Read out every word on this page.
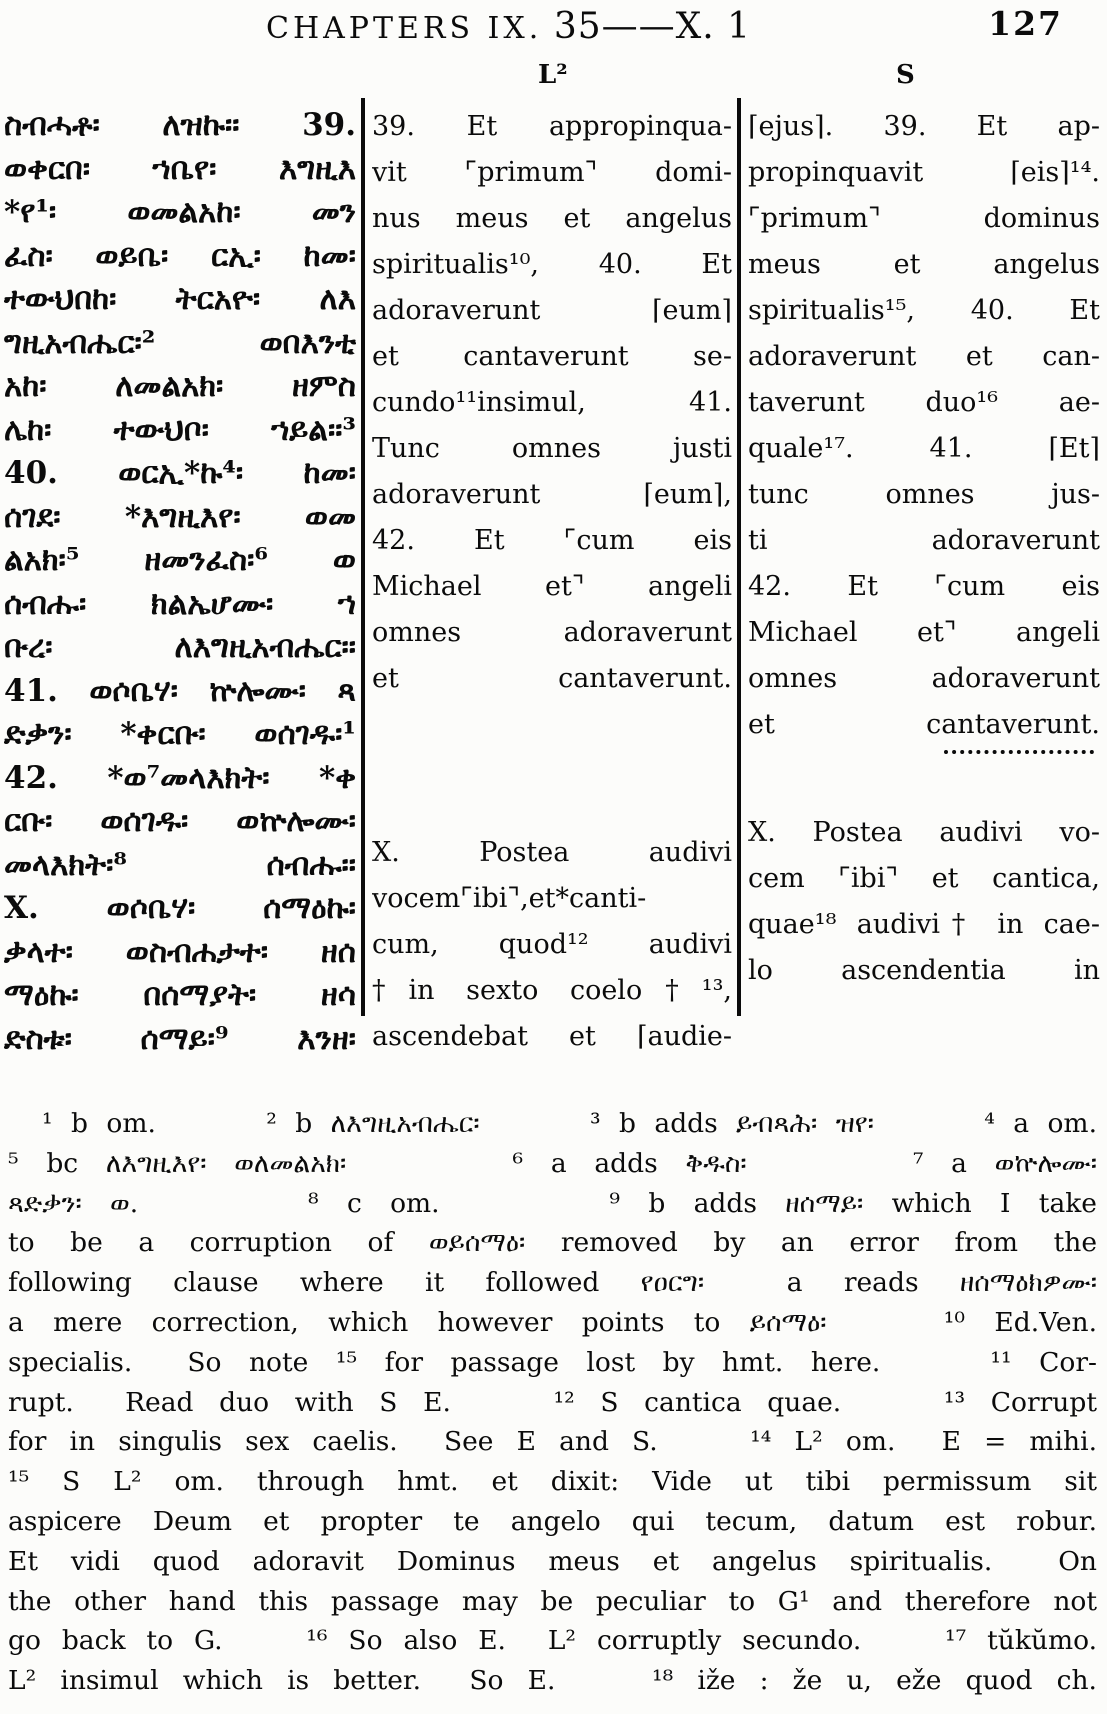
CHAPTERS IX. 35——X. 1	127
L²	S
ስብሓቶ፡ ለዝኩ። 39.
ወቀርበ፡ ኀቤየ፡ እግዚእ
*የ¹፡ ወመልአከ፡ መን
ፈስ፡ ወይቤ፡ ርኢ፡ ከመ፡
ተውህበከ፡ ትርአዮ፡ ለእ
ግዚአብሔር፡² ወበእንቲ
አከ፡ ለመልአክ፡ ዘምስ
ሌከ፡ ተውህቦ፡ ኀይል።³
40. ወርኢ*ኩ⁴፡ ከመ፡
ሰገደ፡ *እግዚእየ፡ ወመ
ልአክ፡⁵ ዘመንፈስ፡⁶ ወ
ሰብሑ፡ ክልኤሆሙ፡ ኀ
ቡረ፡ ለእግዚአብሔር።
41. ወሶቤሃ፡ ኵሎሙ፡ ጻ
ድቃን፡ *ቀርቡ፡ ወሰገዱ፡¹
42. *ወ⁷መላእክት፡ *ቀ
ርቡ፡ ወሰገዱ፡ ወኵሎሙ፡
መላእክት፡⁸ ሰብሑ።
X. ወሶቤሃ፡ ሰማዕኩ፡
ቃላተ፡ ወስብሐታተ፡ ዘሰ
ማዕኩ፡ በሰማያት፡ ዘሳ
ድስቱ፡ ሰማይ፡⁹ እንዘ፡
39. Et appropinqua-
vit ⌜primum⌝ domi-
nus meus et angelus
spiritualis¹⁰, 40. Et
adoraverunt ⌈eum⌉
et cantaverunt se-
cundo¹¹insimul, 41.
Tunc omnes justi
adoraverunt ⌈eum⌉,
42. Et ⌜cum eis
Michael et⌝ angeli
omnes adoraverunt
et cantaverunt.
X. Postea audivi
vocem⌜ibi⌝,et*canti-
cum, quod¹² audivi
†in sexto coelo†¹³,
ascendebat et ⌈audie-
⌈ejus⌉. 39. Et ap-
propinquavit ⌈eis⌉¹⁴.
⌜primum⌝ dominus
meus et angelus
spiritualis¹⁵, 40. Et
adoraverunt et can-
taverunt duo¹⁶ ae-
quale¹⁷. 41. ⌈Et⌉
tunc omnes jus-
ti adoraverunt
42. Et ⌜cum eis
Michael et⌝ angeli
omnes adoraverunt
et cantaverunt.
X. Postea audivi vo-
cem ⌜ibi⌝ et cantica,
quae¹⁸ audivi† in cae-
lo ascendentia in
¹ b om.      ² b ለእግዚአብሔር፡      ³ b adds ይብጻሕ፡ ዝየ፡      ⁴ a om.
⁵ bc ለእግዚእየ፡ ወለመልአክ፡      ⁶ a adds ቅዱስ፡      ⁷ a ወኵሎሙ፡
ጻድቃን፡ ወ.      ⁸ c om.      ⁹ b adds ዘሰማይ፡ which I take
to be a corruption of ወይሰማዕ፡ removed by an error from the
following clause where it followed የዐርግ፡  a reads ዘሰማዕክዎሙ፡
a mere correction, which however points to ይሰማዕ፡    ¹⁰ Ed.Ven.
specialis.  So note ¹⁵ for passage lost by hmt. here.    ¹¹ Cor-
rupt.  Read duo with S E.    ¹² S cantica quae.    ¹³ Corrupt
for in singulis sex caelis.  See E and S.    ¹⁴ L² om.  E = mihi.
¹⁵ S L² om. through hmt. et dixit: Vide ut tibi permissum sit
aspicere Deum et propter te angelo qui tecum, datum est robur.
Et vidi quod adoravit Dominus meus et angelus spiritualis.  On
the other hand this passage may be peculiar to G¹ and therefore not
go back to G.    ¹⁶ So also E.  L² corruptly secundo.    ¹⁷ tŭkŭmo.
L² insimul which is better.  So E.    ¹⁸ iže : že u, eže quod ch.
